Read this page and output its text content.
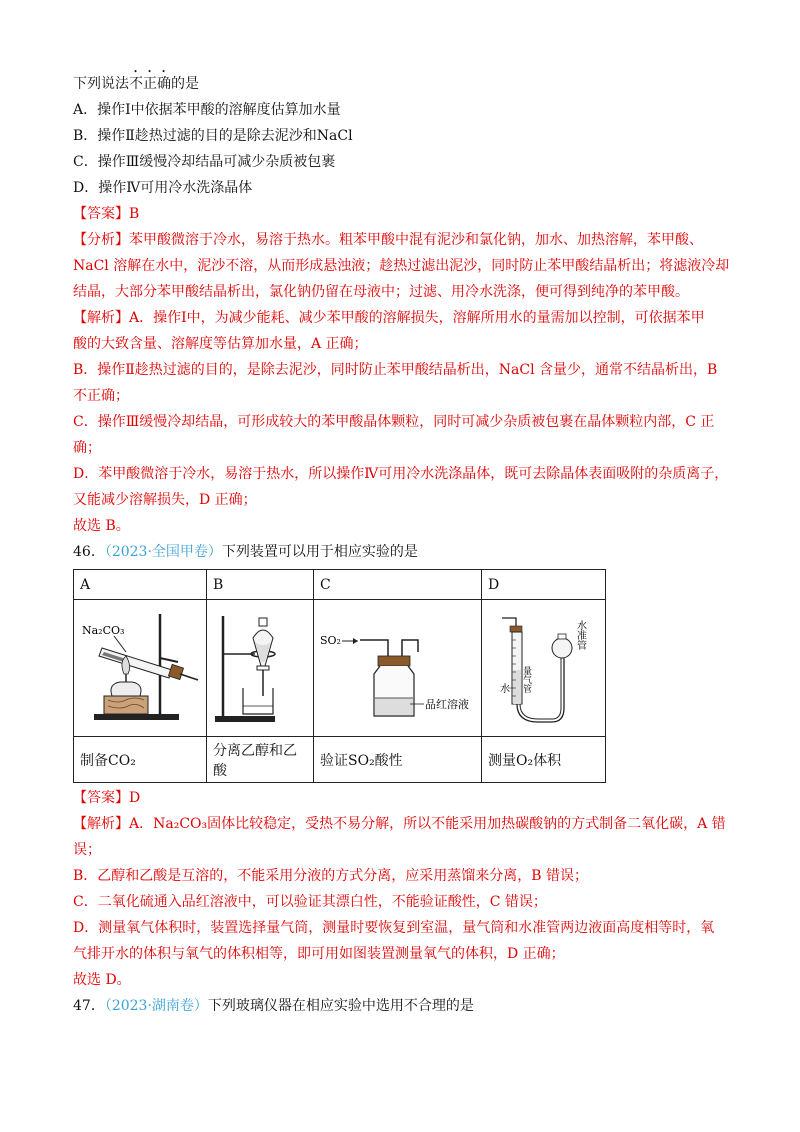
下列说法不正确的是
A．操作Ⅰ中依据苯甲酸的溶解度估算加水量
B．操作Ⅱ趁热过滤的目的是除去泥沙和NaCl
C．操作Ⅲ缓慢冷却结晶可减少杂质被包裹
D．操作Ⅳ可用冷水洗涤晶体
【答案】B
【分析】苯甲酸微溶于冷水，易溶于热水。粗苯甲酸中混有泥沙和氯化钠，加水、加热溶解，苯甲酸、
NaCl 溶解在水中，泥沙不溶，从而形成悬浊液；趁热过滤出泥沙，同时防止苯甲酸结晶析出；将滤液冷却
结晶，大部分苯甲酸结晶析出，氯化钠仍留在母液中；过滤、用冷水洗涤，便可得到纯净的苯甲酸。
【解析】A．操作Ⅰ中，为减少能耗、减少苯甲酸的溶解损失，溶解所用水的量需加以控制，可依据苯甲
酸的大致含量、溶解度等估算加水量，A 正确；
B．操作Ⅱ趁热过滤的目的，是除去泥沙，同时防止苯甲酸结晶析出，NaCl 含量少，通常不结晶析出，B
不正确；
C．操作Ⅲ缓慢冷却结晶，可形成较大的苯甲酸晶体颗粒，同时可减少杂质被包裹在晶体颗粒内部，C 正
确；
D．苯甲酸微溶于冷水，易溶于热水，所以操作Ⅳ可用冷水洗涤晶体，既可去除晶体表面吸附的杂质离子，
又能减少溶解损失，D 正确；
故选 B。
46．（2023·全国甲卷）下列装置可以用于相应实验的是
A	B	C	D

Na₂CO₃		SO₂
品红溶液	水 量气管
水准管

制备CO₂	分离乙醇和乙酸	验证SO₂酸性	测量O₂体积
【答案】D
【解析】A．Na₂CO₃固体比较稳定，受热不易分解，所以不能采用加热碳酸钠的方式制备二氧化碳，A 错
误；
B．乙醇和乙酸是互溶的，不能采用分液的方式分离，应采用蒸馏来分离，B 错误；
C．二氧化硫通入品红溶液中，可以验证其漂白性，不能验证酸性，C 错误；
D．测量氧气体积时，装置选择量气筒，测量时要恢复到室温，量气筒和水准管两边液面高度相等时，氧
气排开水的体积与氧气的体积相等，即可用如图装置测量氧气的体积，D 正确；
故选 D。
47．（2023·湖南卷）下列玻璃仪器在相应实验中选用不合理的是
